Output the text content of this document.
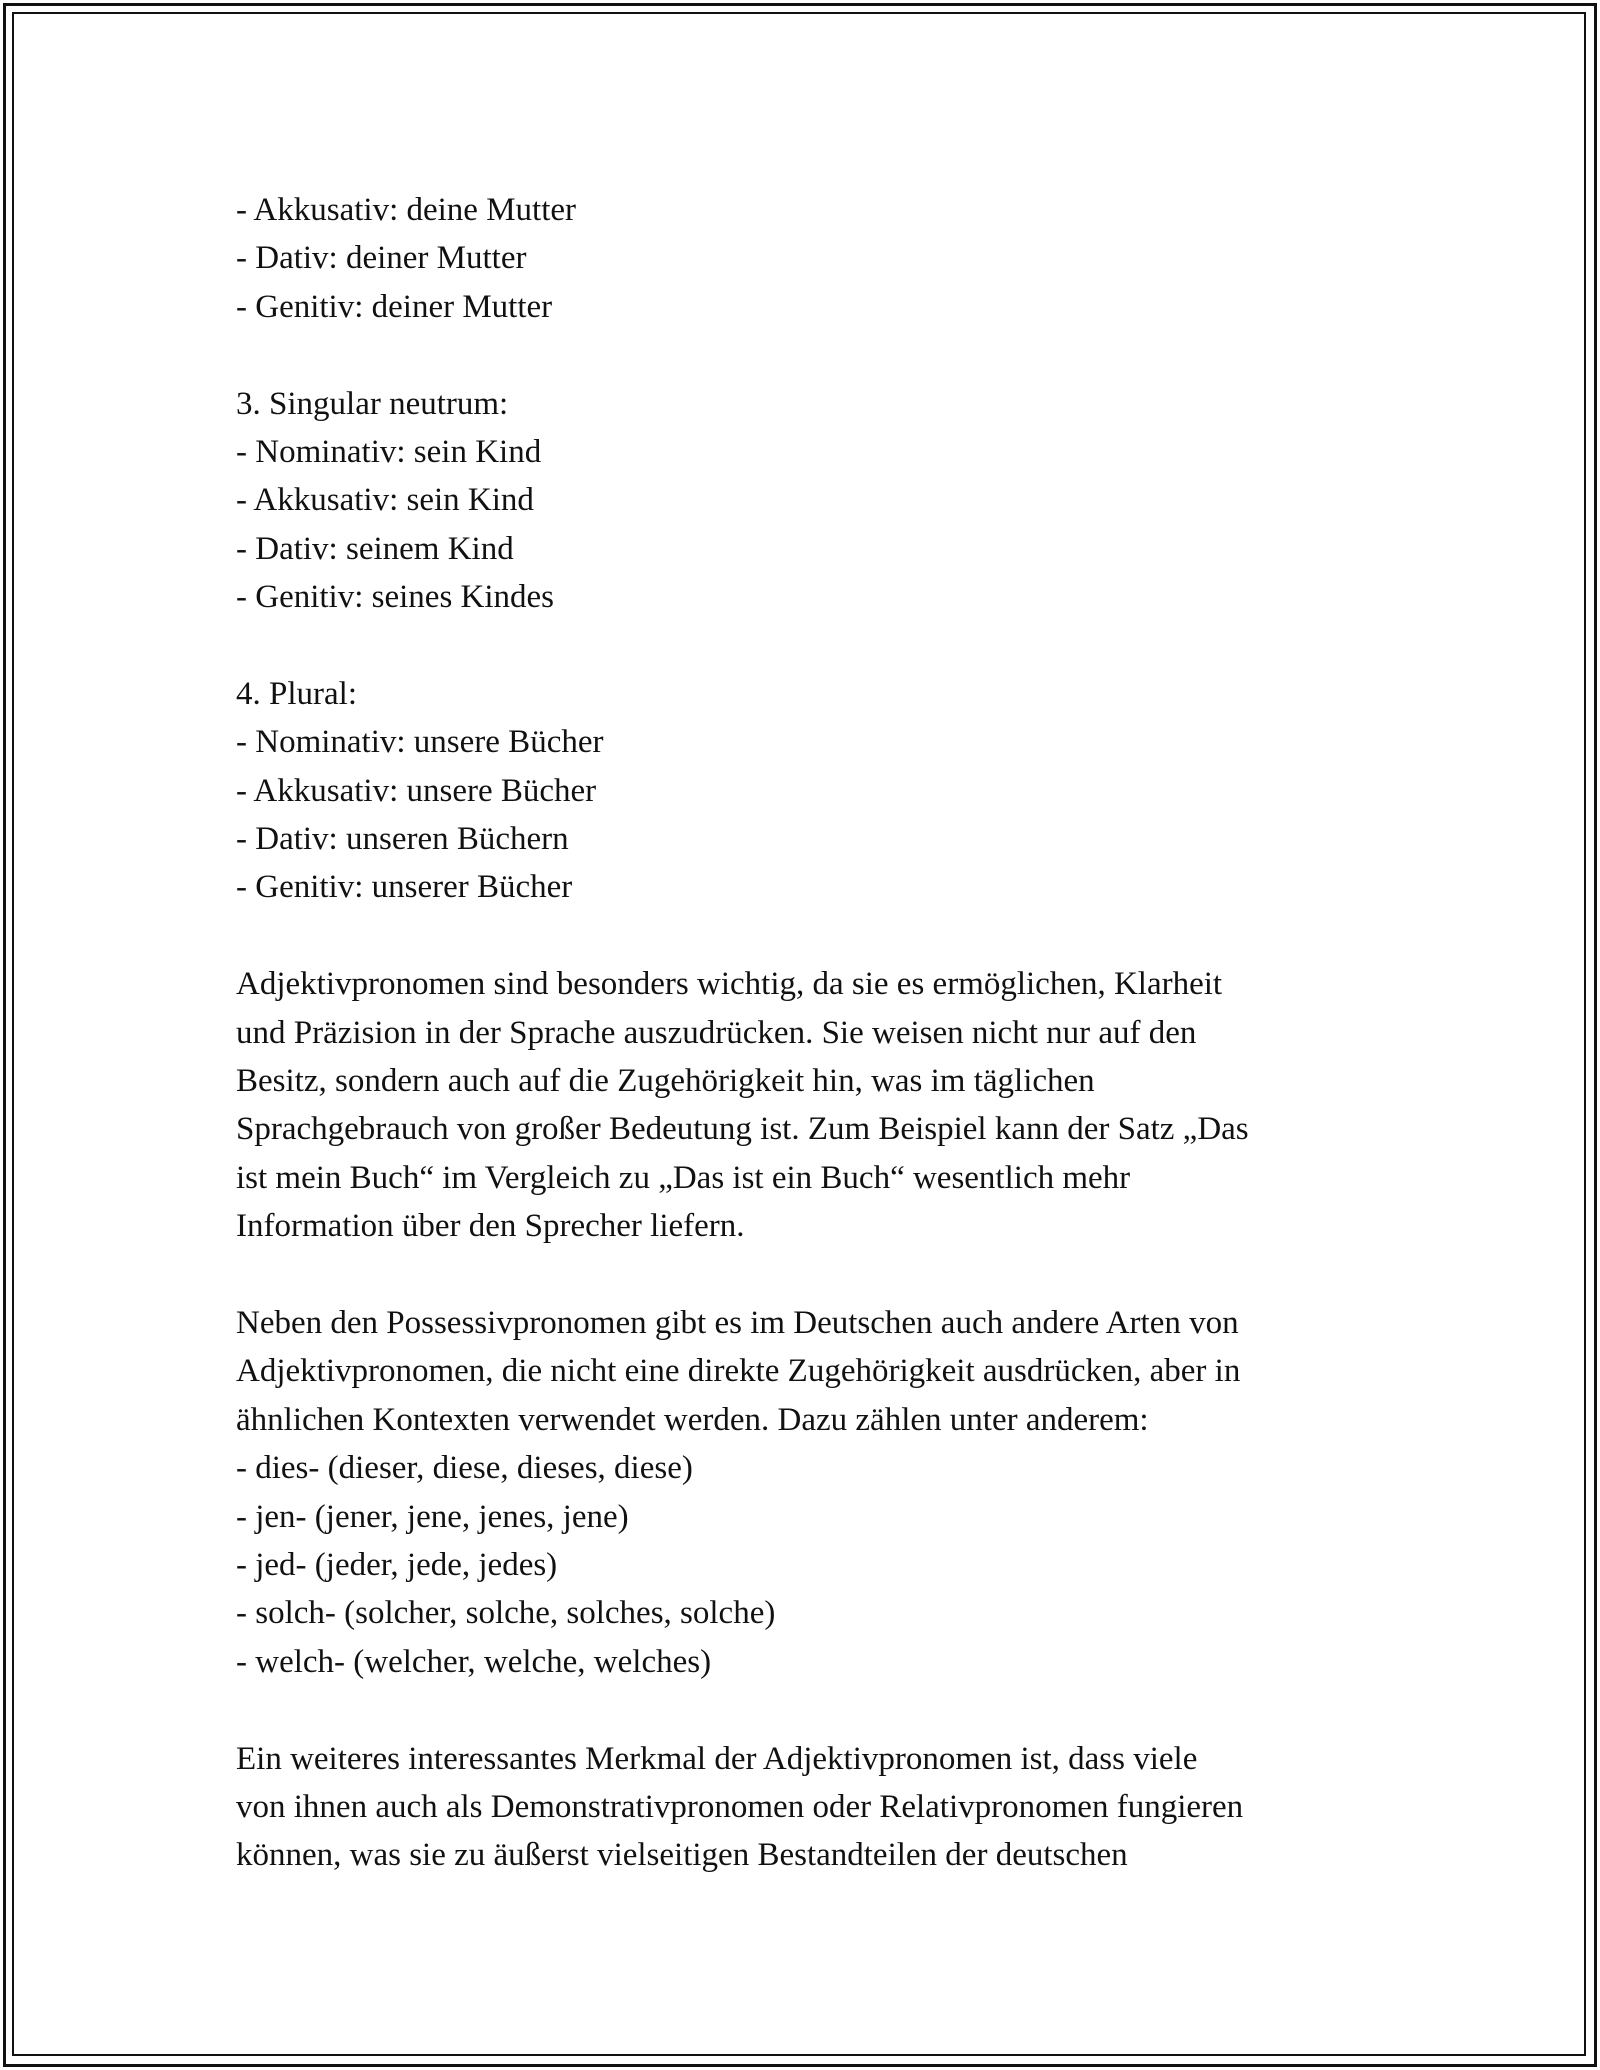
- Akkusativ: deine Mutter
- Dativ: deiner Mutter
- Genitiv: deiner Mutter
3. Singular neutrum:
- Nominativ: sein Kind
- Akkusativ: sein Kind
- Dativ: seinem Kind
- Genitiv: seines Kindes
4. Plural:
- Nominativ: unsere Bücher
- Akkusativ: unsere Bücher
- Dativ: unseren Büchern
- Genitiv: unserer Bücher
Adjektivpronomen sind besonders wichtig, da sie es ermöglichen, Klarheit
und Präzision in der Sprache auszudrücken. Sie weisen nicht nur auf den
Besitz, sondern auch auf die Zugehörigkeit hin, was im täglichen
Sprachgebrauch von großer Bedeutung ist. Zum Beispiel kann der Satz „Das
ist mein Buch“ im Vergleich zu „Das ist ein Buch“ wesentlich mehr
Information über den Sprecher liefern.
Neben den Possessivpronomen gibt es im Deutschen auch andere Arten von
Adjektivpronomen, die nicht eine direkte Zugehörigkeit ausdrücken, aber in
ähnlichen Kontexten verwendet werden. Dazu zählen unter anderem:
- dies- (dieser, diese, dieses, diese)
- jen- (jener, jene, jenes, jene)
- jed- (jeder, jede, jedes)
- solch- (solcher, solche, solches, solche)
- welch- (welcher, welche, welches)
Ein weiteres interessantes Merkmal der Adjektivpronomen ist, dass viele
von ihnen auch als Demonstrativpronomen oder Relativpronomen fungieren
können, was sie zu äußerst vielseitigen Bestandteilen der deutschen
